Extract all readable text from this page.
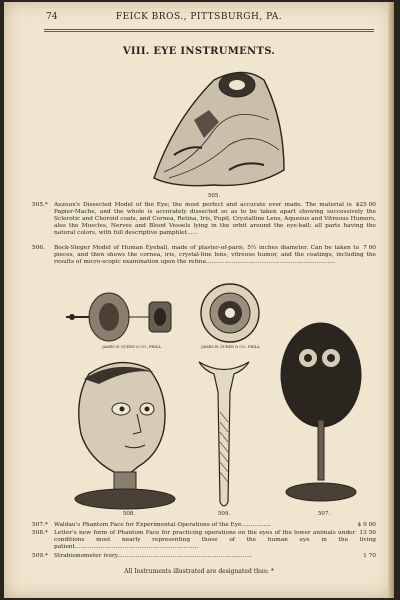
74	FEICK BROS., PITTSBURGH, PA.
VIII. EYE INSTRUMENTS.
505.
505.*	$25 00
Auzoux's Dissected Model of the Eye; the most perfect and accurate ever made. The material is Papier-Mache, and the whole is accurately dissected so as to be taken apart showing successively the Sclerotic and Choroid coats, and Cornea, Retina, Iris, Pupil, Crystalline Lens, Aqueous and Vitreous Humors, also the Muscles, Nerves and Blood Vessels lying in the orbit around the eye-ball; all parts having the natural colors, with full descriptive pamphlet......
506.	7 00
Bock-Steger Model of Human Eyeball, made of plaster-of-paris, 5½ inches diameter. Can be taken to pieces, and then shows the cornea, iris, crystal-line lens, vitreous humor, and the coatings, including the results of micro-scopic examination upon the retina......................................................................
JAMES W. QUEEN & CO., PHILA.	JAMES W. QUEEN & CO., PHILA.
508.	509.	507.
507.*	$ 9 00
Waldau's Phantom Face for Experimental Operations of the Eye................
508.*	13 50
Letter's new form of Phantom Face for practicing operations on the eyes of the lower animals under conditions most nearly representing those of the human eye in the living patient...................................................................
509.*	1 70
Strabismometer ivory.........................................................................
All Instruments illustrated are designated thus: *
